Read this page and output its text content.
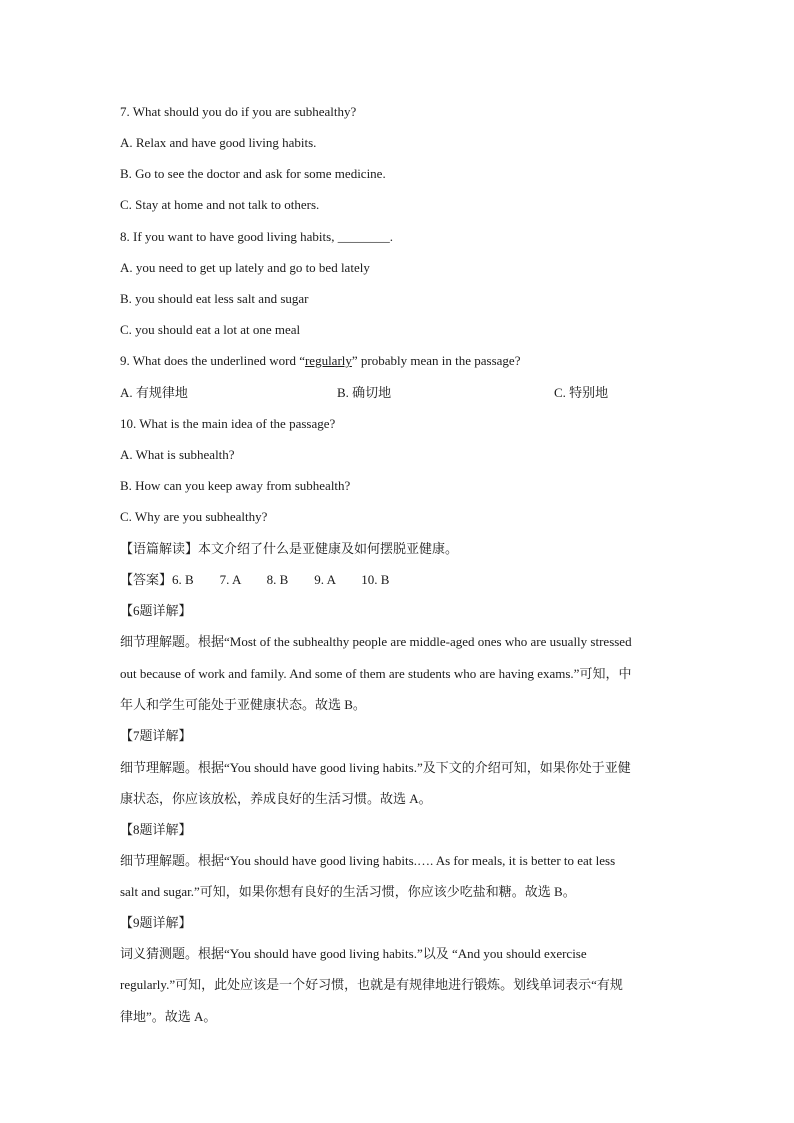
7. What should you do if you are subhealthy?
A. Relax and have good living habits.
B. Go to see the doctor and ask for some medicine.
C. Stay at home and not talk to others.
8. If you want to have good living habits, ________.
A. you need to get up lately and go to bed lately
B. you should eat less salt and sugar
C. you should eat a lot at one meal
9. What does the underlined word “regularly” probably mean in the passage?
A. 有规律地	B. 确切地	C. 特别地
10. What is the main idea of the passage?
A. What is subhealth?
B. How can you keep away from subhealth?
C. Why are you subhealthy?
【语篇解读】本文介绍了什么是亚健康及如何摆脱亚健康。
【答案】6. B        7. A        8. B        9. A        10. B
【6题详解】
细节理解题。根据“Most of the subhealthy people are middle-aged ones who are usually stressed
out because of work and family. And some of them are students who are having exams.”可知，中
年人和学生可能处于亚健康状态。故选 B。
【7题详解】
细节理解题。根据“You should have good living habits.”及下文的介绍可知，如果你处于亚健
康状态，你应该放松，养成良好的生活习惯。故选 A。
【8题详解】
细节理解题。根据“You should have good living habits.…. As for meals, it is better to eat less
salt and sugar.”可知，如果你想有良好的生活习惯，你应该少吃盐和糖。故选 B。
【9题详解】
词义猜测题。根据“You should have good living habits.”以及 “And you should exercise
regularly.”可知，此处应该是一个好习惯，也就是有规律地进行锻炼。划线单词表示“有规
律地”。故选 A。
